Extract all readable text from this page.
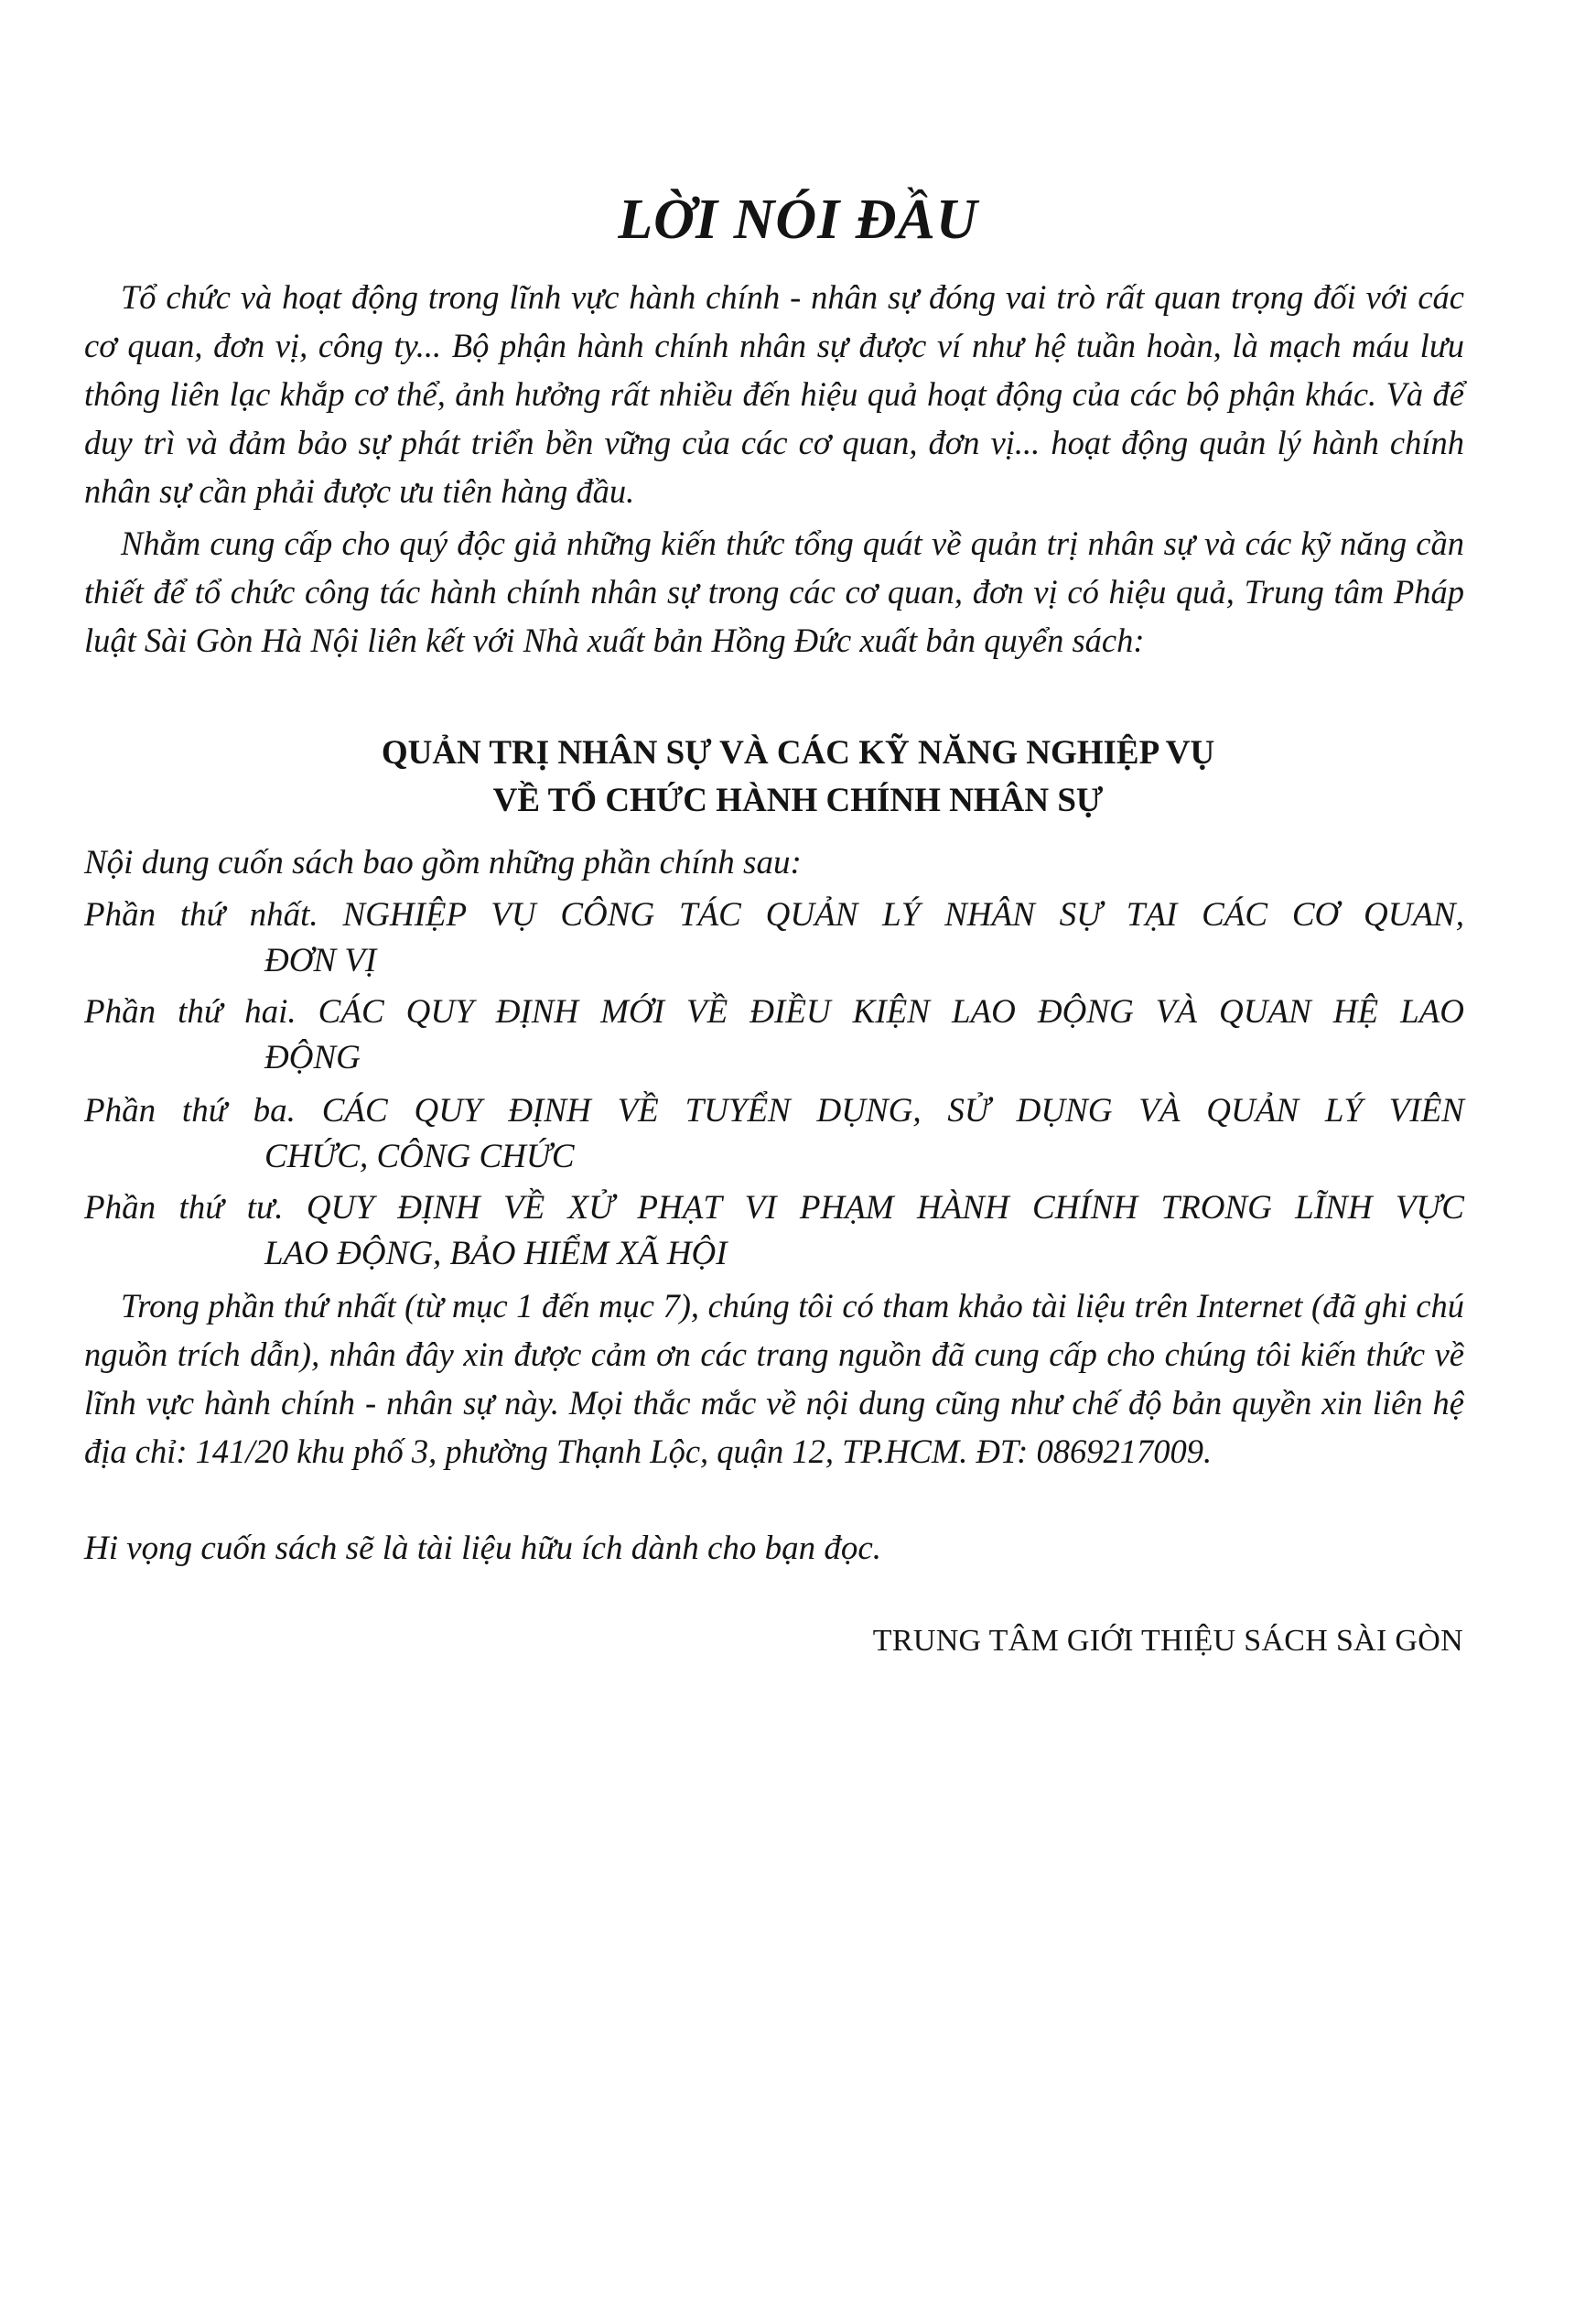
LỜI NÓI ĐẦU
Tổ chức và hoạt động trong lĩnh vực hành chính - nhân sự đóng vai trò rất quan trọng đối với các cơ quan, đơn vị, công ty... Bộ phận hành chính nhân sự được ví như hệ tuần hoàn, là mạch máu lưu thông liên lạc khắp cơ thể, ảnh hưởng rất nhiều đến hiệu quả hoạt động của các bộ phận khác. Và để duy trì và đảm bảo sự phát triển bền vững của các cơ quan, đơn vị... hoạt động quản lý hành chính nhân sự cần phải được ưu tiên hàng đầu.
Nhằm cung cấp cho quý độc giả những kiến thức tổng quát về quản trị nhân sự và các kỹ năng cần thiết để tổ chức công tác hành chính nhân sự trong các cơ quan, đơn vị có hiệu quả, Trung tâm Pháp luật Sài Gòn Hà Nội liên kết với Nhà xuất bản Hồng Đức xuất bản quyển sách:
QUẢN TRỊ NHÂN SỰ VÀ CÁC KỸ NĂNG NGHIỆP VỤ
VỀ TỔ CHỨC HÀNH CHÍNH NHÂN SỰ
Nội dung cuốn sách bao gồm những phần chính sau:
Phần thứ nhất. NGHIỆP VỤ CÔNG TÁC QUẢN LÝ NHÂN SỰ TẠI CÁC CƠ QUAN,
ĐƠN VỊ
Phần thứ hai. CÁC QUY ĐỊNH MỚI VỀ ĐIỀU KIỆN LAO ĐỘNG VÀ QUAN HỆ LAO
ĐỘNG
Phần thứ ba. CÁC QUY ĐỊNH VỀ TUYỂN DỤNG, SỬ DỤNG VÀ QUẢN LÝ VIÊN
CHỨC, CÔNG CHỨC
Phần thứ tư. QUY ĐỊNH VỀ XỬ PHẠT VI PHẠM HÀNH CHÍNH TRONG LĨNH VỰC
LAO ĐỘNG, BẢO HIỂM XÃ HỘI
Trong phần thứ nhất (từ mục 1 đến mục 7), chúng tôi có tham khảo tài liệu trên Internet (đã ghi chú nguồn trích dẫn), nhân đây xin được cảm ơn các trang nguồn đã cung cấp cho chúng tôi kiến thức về lĩnh vực hành chính - nhân sự này. Mọi thắc mắc về nội dung cũng như chế độ bản quyền xin liên hệ địa chỉ: 141/20 khu phố 3, phường Thạnh Lộc, quận 12, TP.HCM. ĐT: 0869217009.
Hi vọng cuốn sách sẽ là tài liệu hữu ích dành cho bạn đọc.
TRUNG TÂM GIỚI THIỆU SÁCH SÀI GÒN
